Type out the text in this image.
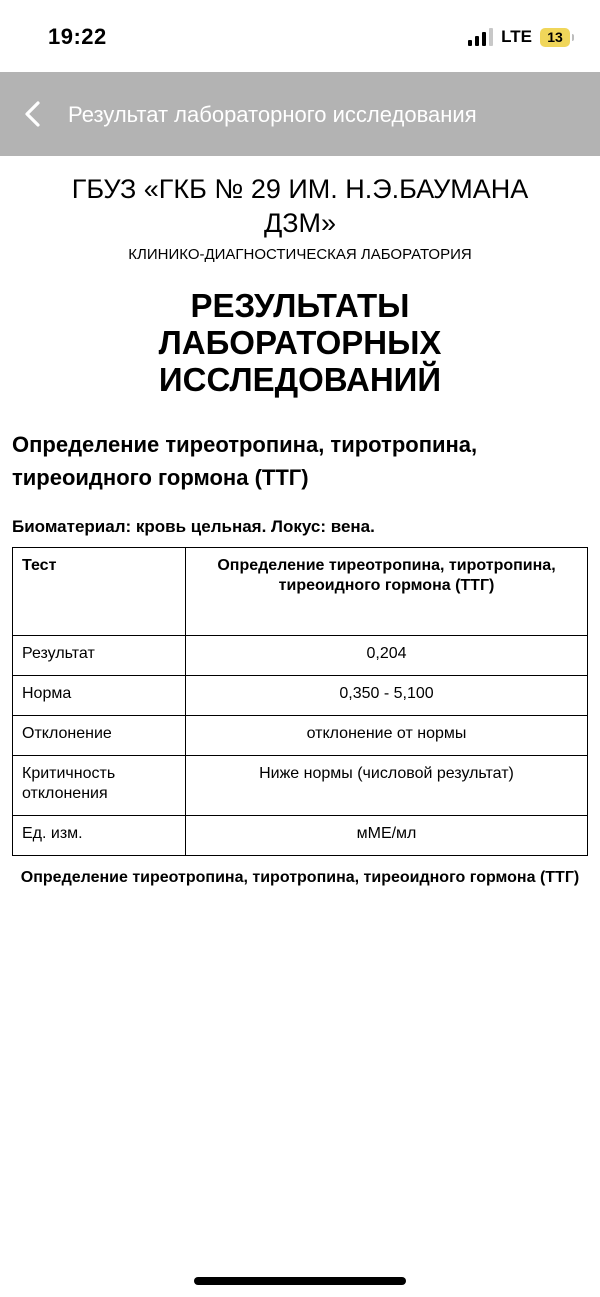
19:22	LTE 13
Результат лабораторного исследования
ГБУЗ «ГКБ № 29 ИМ. Н.Э.БАУМАНА ДЗМ»
КЛИНИКО-ДИАГНОСТИЧЕСКАЯ ЛАБОРАТОРИЯ
РЕЗУЛЬТАТЫ ЛАБОРАТОРНЫХ ИССЛЕДОВАНИЙ
Определение тиреотропина, тиротропина, тиреоидного гормона (ТТГ)
Биоматериал: кровь цельная. Локус: вена.
Тест	Определение тиреотропина, тиротропина, тиреоидного гормона (ТТГ)
Результат	0,204
Норма	0,350 - 5,100
Отклонение	отклонение от нормы
Критичность отклонения	Ниже нормы (числовой результат)
Ед. изм.	мМЕ/мл
Определение тиреотропина, тиротропина, тиреоидного гормона (ТТГ)
